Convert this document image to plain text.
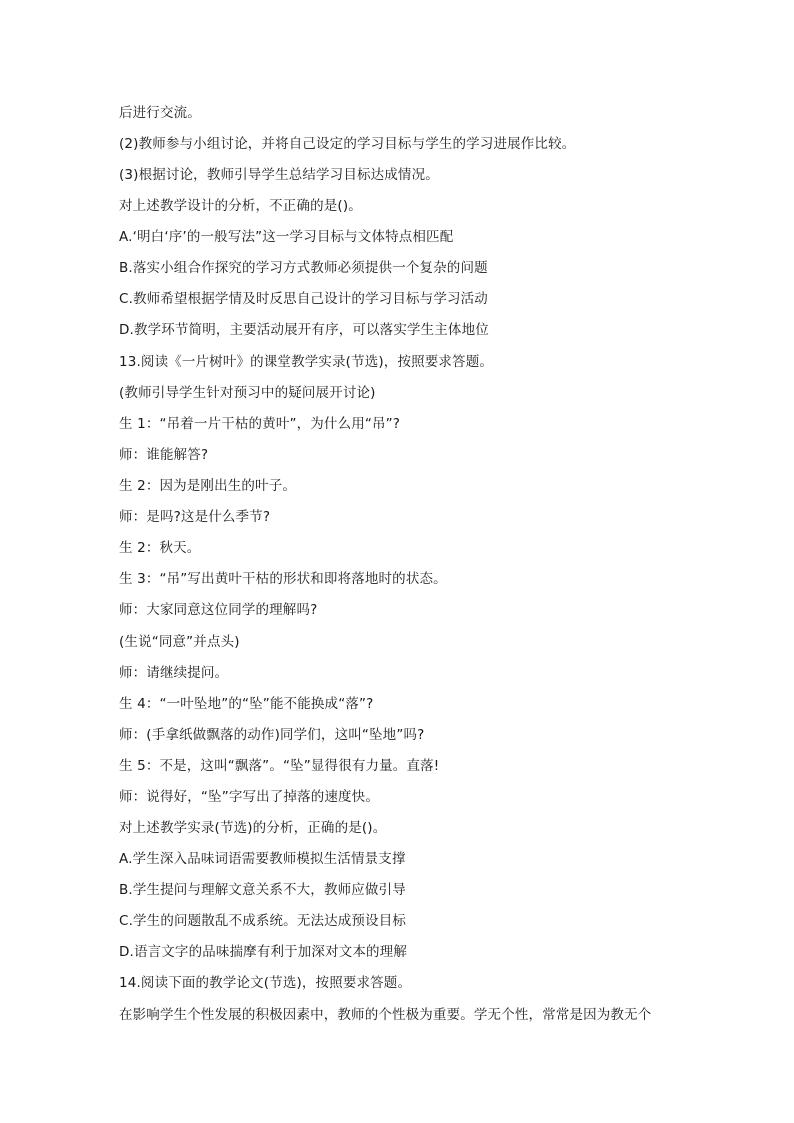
后进行交流。
(2)教师参与小组讨论，并将自己设定的学习目标与学生的学习进展作比较。
(3)根据讨论，教师引导学生总结学习目标达成情况。
对上述教学设计的分析，不正确的是()。
A.‘明白‘序’的一般写法”这一学习目标与文体特点相匹配
B.落实小组合作探究的学习方式教师必须提供一个复杂的问题
C.教师希望根据学情及时反思自己设计的学习目标与学习活动
D.教学环节简明，主要活动展开有序，可以落实学生主体地位
13.阅读《一片树叶》的课堂教学实录(节选)，按照要求答题。
(教师引导学生针对预习中的疑问展开讨论)
生 1：“吊着一片干枯的黄叶”，为什么用“吊”?
师：谁能解答?
生 2：因为是刚出生的叶子。
师：是吗?这是什么季节?
生 2：秋天。
生 3：“吊”写出黄叶干枯的形状和即将落地时的状态。
师：大家同意这位同学的理解吗?
(生说“同意”并点头)
师：请继续提问。
生 4：“一叶坠地”的“坠”能不能换成“落”?
师：(手拿纸做飘落的动作)同学们，这叫“坠地”吗?
生 5：不是，这叫“飘落”。“坠”显得很有力量。直落!
师：说得好，“坠”字写出了掉落的速度快。
对上述教学实录(节选)的分析，正确的是()。
A.学生深入品味词语需要教师模拟生活情景支撑
B.学生提问与理解文意关系不大，教师应做引导
C.学生的问题散乱不成系统。无法达成预设目标
D.语言文字的品味揣摩有利于加深对文本的理解
14.阅读下面的教学论文(节选)，按照要求答题。
在影响学生个性发展的积极因素中，教师的个性极为重要。学无个性，常常是因为教无个
